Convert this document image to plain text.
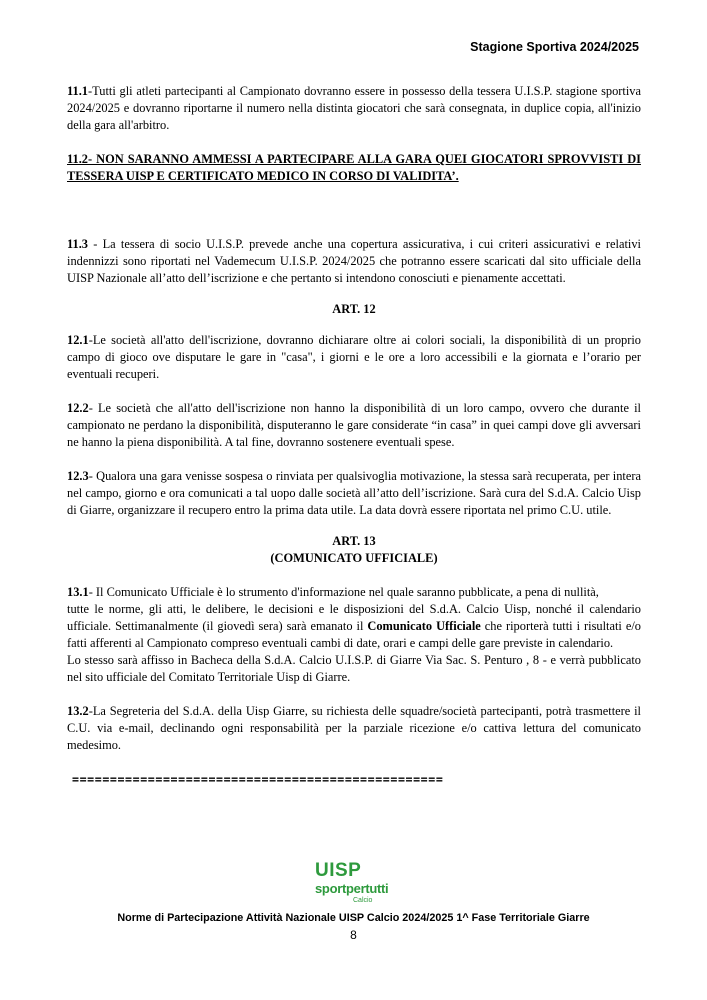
Stagione Sportiva 2024/2025

11.1-Tutti gli atleti partecipanti al Campionato dovranno essere in possesso della tessera U.I.S.P. stagione sportiva 2024/2025 e dovranno riportarne il numero nella distinta giocatori che sarà consegnata, in duplice copia, all'inizio della gara all'arbitro.

11.2- NON SARANNO AMMESSI A PARTECIPARE ALLA GARA QUEI GIOCATORI SPROVVISTI DI TESSERA UISP E CERTIFICATO MEDICO IN CORSO DI VALIDITA’.

11.3 - La tessera di socio U.I.S.P. prevede anche una copertura assicurativa, i cui criteri assicurativi e relativi indennizzi sono riportati nel Vademecum U.I.S.P. 2024/2025 che potranno essere scaricati dal sito ufficiale della UISP Nazionale all’atto dell’iscrizione e che pertanto si intendono conosciuti e pienamente accettati.

ART. 12

12.1-Le società all'atto dell'iscrizione, dovranno dichiarare oltre ai colori sociali, la disponibilità di un proprio campo di gioco ove disputare le gare in "casa", i giorni e le ore a loro accessibili e la giornata e l’orario per eventuali recuperi.

12.2- Le società che all'atto dell'iscrizione non hanno la disponibilità di un loro campo, ovvero che durante il campionato ne perdano la disponibilità, disputeranno le gare considerate “in casa” in quei campi dove gli avversari ne hanno la piena disponibilità. A tal fine, dovranno sostenere eventuali spese.

12.3- Qualora una gara venisse sospesa o rinviata per qualsivoglia motivazione, la stessa sarà recuperata, per intera nel campo, giorno e ora comunicati a tal uopo dalle società all’atto dell’iscrizione. Sarà cura del S.d.A. Calcio Uisp di Giarre, organizzare il recupero entro la prima data utile. La data dovrà essere riportata nel primo C.U. utile.

ART. 13

(COMUNICATO UFFICIALE)

13.1- Il Comunicato Ufficiale è lo strumento d'informazione nel quale saranno pubblicate, a pena di nullità,
tutte le norme, gli atti, le delibere, le decisioni e le disposizioni del S.d.A. Calcio Uisp, nonché il calendario ufficiale. Settimanalmente (il giovedì sera) sarà emanato il Comunicato Ufficiale che riporterà tutti i risultati e/o fatti afferenti al Campionato compreso eventuali cambi di date, orari e campi delle gare previste in calendario.
Lo stesso sarà affisso in Bacheca della S.d.A. Calcio U.I.S.P. di Giarre Via Sac. S. Penturo , 8 - e verrà pubblicato nel sito ufficiale del Comitato Territoriale Uisp di Giarre.

13.2-La Segreteria del S.d.A. della Uisp Giarre, su richiesta delle squadre/società partecipanti, potrà trasmettere il C.U. via e-mail, declinando ogni responsabilità per la parziale ricezione e/o cattiva lettura del comunicato medesimo.

=================================================
UISP
sportpertutti
Calcio
Norme di Partecipazione Attività Nazionale UISP Calcio 2024/2025 1^ Fase Territoriale Giarre
8
